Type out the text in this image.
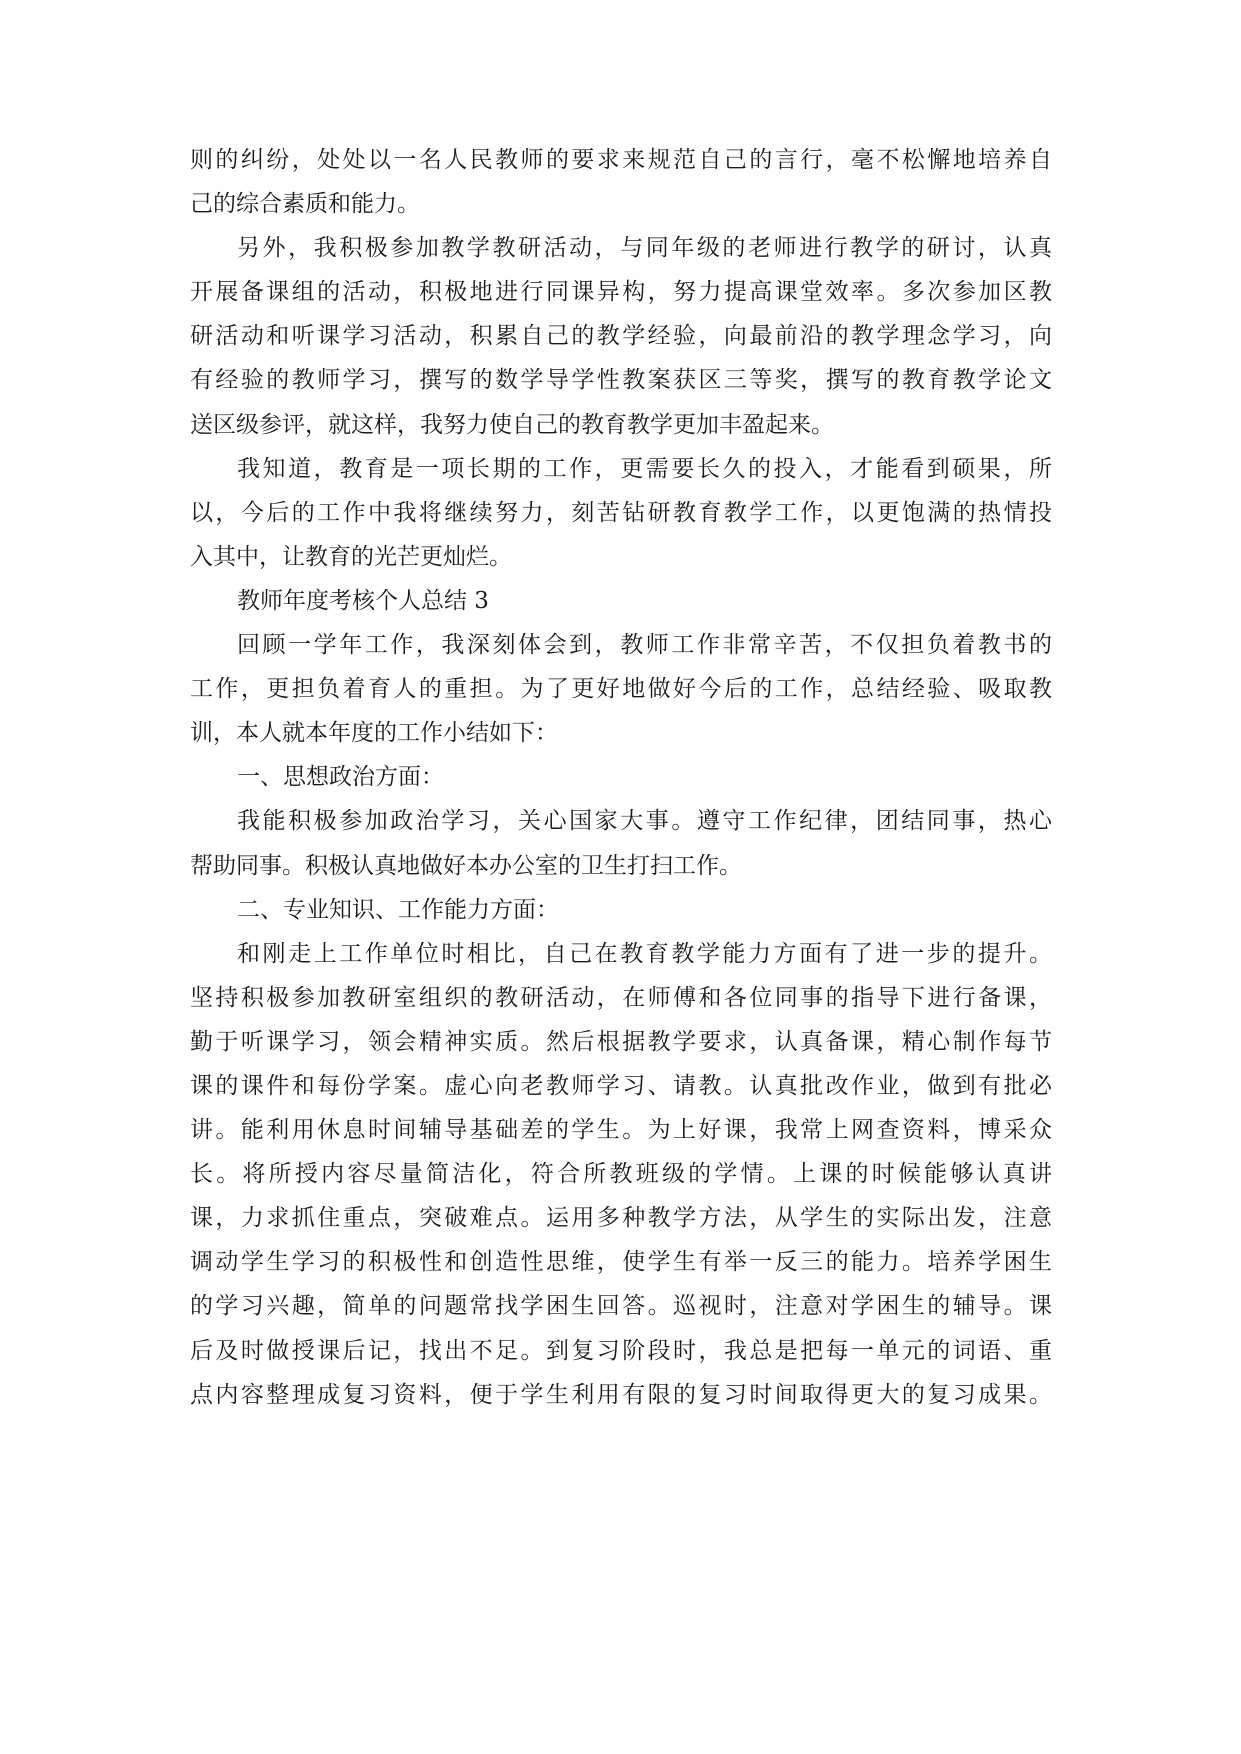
则的纠纷，处处以一名人民教师的要求来规范自己的言行，毫不松懈地培养自
己的综合素质和能力。
另外，我积极参加教学教研活动，与同年级的老师进行教学的研讨，认真
开展备课组的活动，积极地进行同课异构，努力提高课堂效率。多次参加区教
研活动和听课学习活动，积累自己的教学经验，向最前沿的教学理念学习，向
有经验的教师学习，撰写的数学导学性教案获区三等奖，撰写的教育教学论文
送区级参评，就这样，我努力使自己的教育教学更加丰盈起来。
我知道，教育是一项长期的工作，更需要长久的投入，才能看到硕果，所
以，今后的工作中我将继续努力，刻苦钻研教育教学工作，以更饱满的热情投
入其中，让教育的光芒更灿烂。
教师年度考核个人总结 3
回顾一学年工作，我深刻体会到，教师工作非常辛苦，不仅担负着教书的
工作，更担负着育人的重担。为了更好地做好今后的工作，总结经验、吸取教
训，本人就本年度的工作小结如下：
一、思想政治方面：
我能积极参加政治学习，关心国家大事。遵守工作纪律，团结同事，热心
帮助同事。积极认真地做好本办公室的卫生打扫工作。
二、专业知识、工作能力方面：
和刚走上工作单位时相比，自己在教育教学能力方面有了进一步的提升。
坚持积极参加教研室组织的教研活动，在师傅和各位同事的指导下进行备课，
勤于听课学习，领会精神实质。然后根据教学要求，认真备课，精心制作每节
课的课件和每份学案。虚心向老教师学习、请教。认真批改作业，做到有批必
讲。能利用休息时间辅导基础差的学生。为上好课，我常上网查资料，博采众
长。将所授内容尽量简洁化，符合所教班级的学情。上课的时候能够认真讲
课，力求抓住重点，突破难点。运用多种教学方法，从学生的实际出发，注意
调动学生学习的积极性和创造性思维，使学生有举一反三的能力。培养学困生
的学习兴趣，简单的问题常找学困生回答。巡视时，注意对学困生的辅导。课
后及时做授课后记，找出不足。到复习阶段时，我总是把每一单元的词语、重
点内容整理成复习资料，便于学生利用有限的复习时间取得更大的复习成果。
